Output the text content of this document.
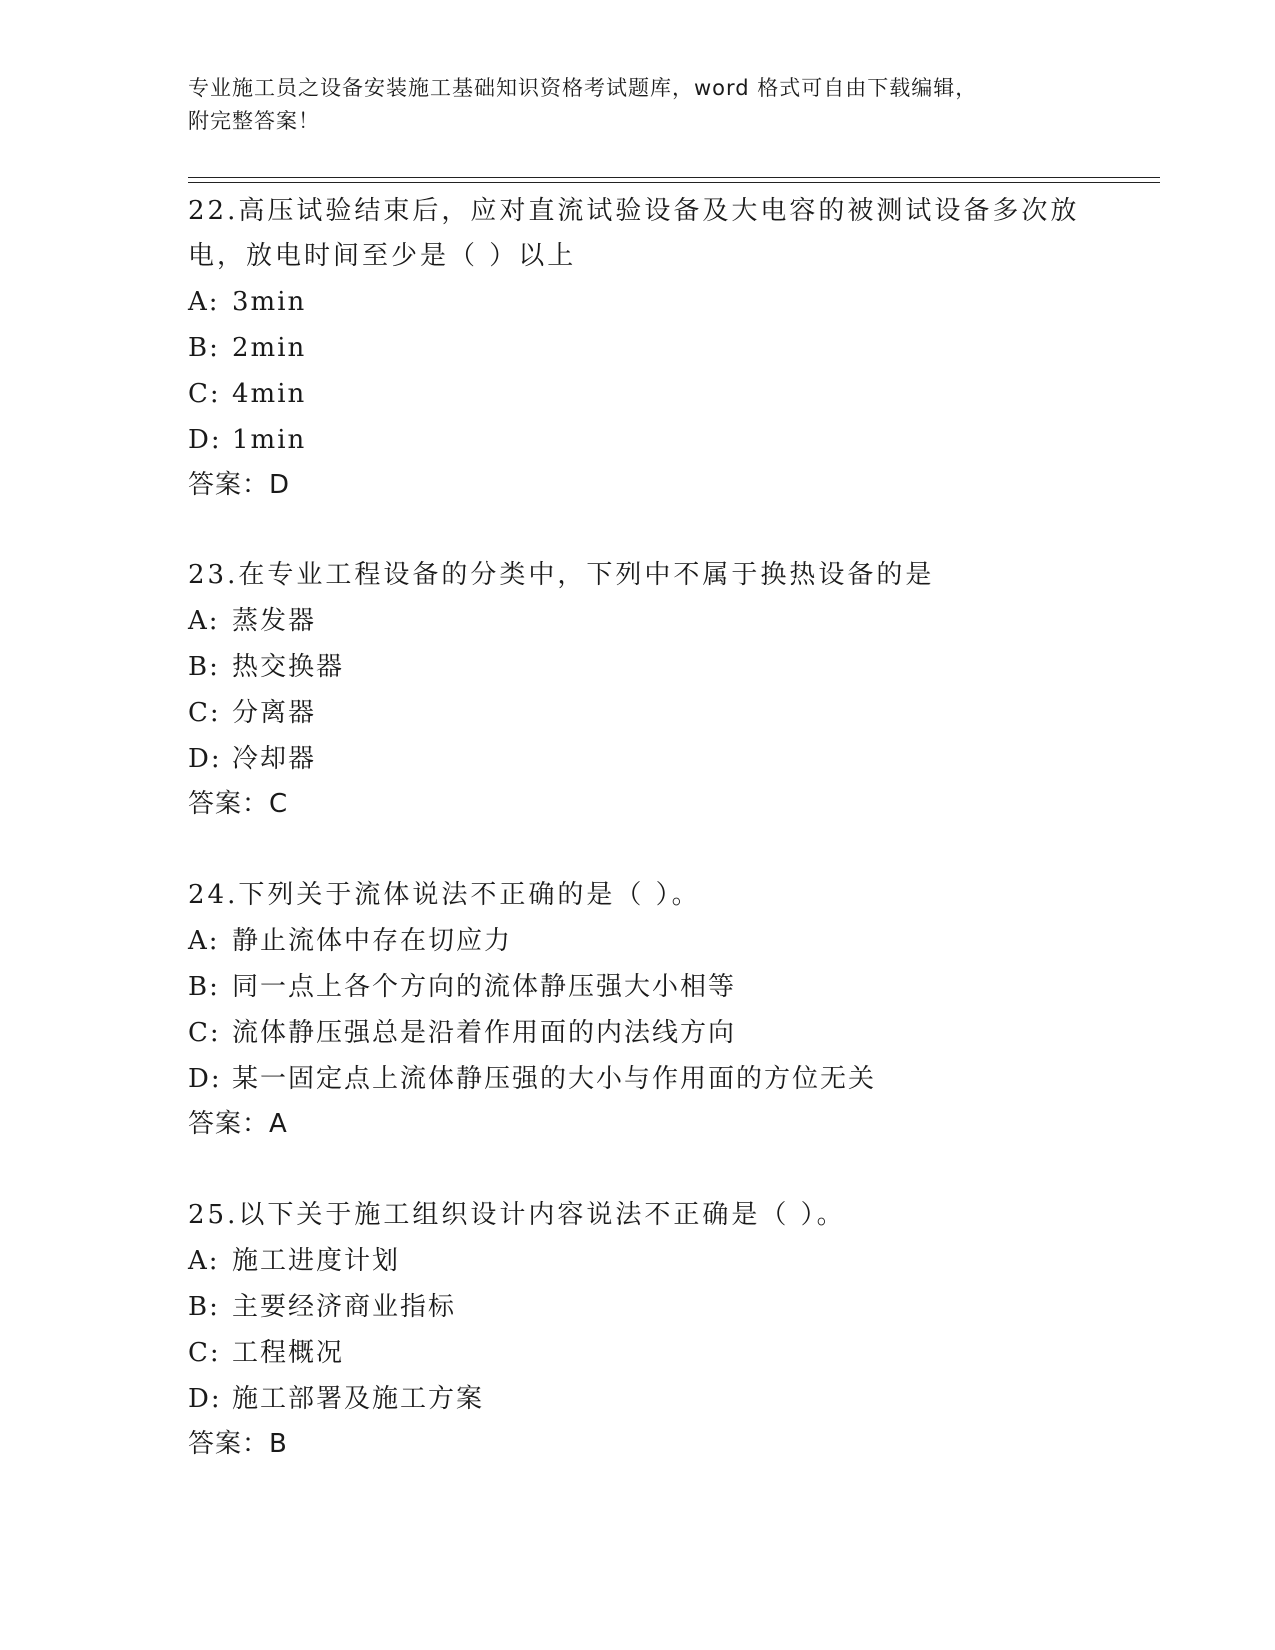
专业施工员之设备安装施工基础知识资格考试题库，word 格式可自由下载编辑，
附完整答案！

22.高压试验结束后，应对直流试验设备及大电容的被测试设备多次放
电，放电时间至少是（ ）以上

A: 3min

B: 2min

C: 4min

D: 1min

答案：D

23.在专业工程设备的分类中，下列中不属于换热设备的是

A: 蒸发器

B: 热交换器

C: 分离器

D: 冷却器

答案：C

24.下列关于流体说法不正确的是（ ）。

A: 静止流体中存在切应力

B: 同一点上各个方向的流体静压强大小相等

C: 流体静压强总是沿着作用面的内法线方向

D: 某一固定点上流体静压强的大小与作用面的方位无关

答案：A

25.以下关于施工组织设计内容说法不正确是（ ）。

A: 施工进度计划

B: 主要经济商业指标

C: 工程概况

D: 施工部署及施工方案

答案：B
